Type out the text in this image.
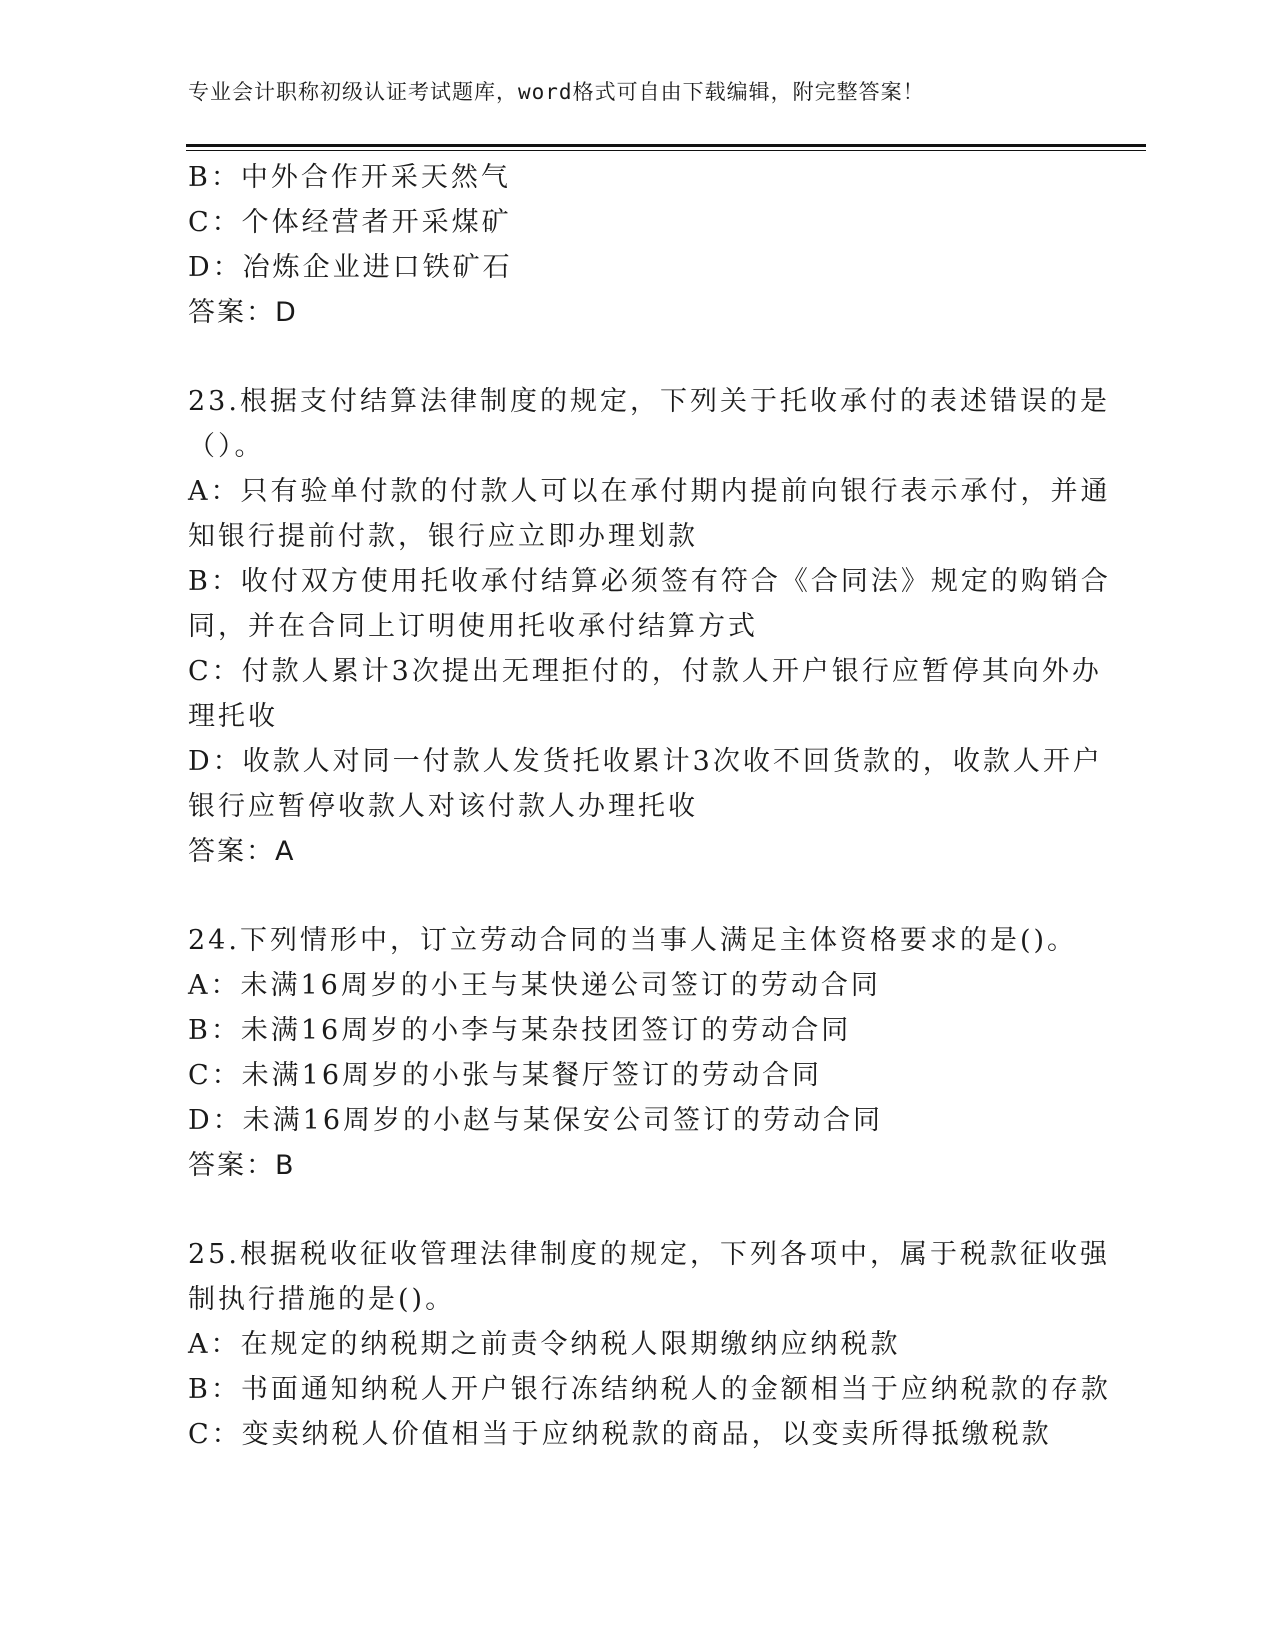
专业会计职称初级认证考试题库，word格式可自由下载编辑，附完整答案！
B：中外合作开采天然气
C：个体经营者开采煤矿
D：冶炼企业进口铁矿石
答案：D
23.根据支付结算法律制度的规定，下列关于托收承付的表述错误的是
（）。
A：只有验单付款的付款人可以在承付期内提前向银行表示承付，并通
知银行提前付款，银行应立即办理划款
B：收付双方使用托收承付结算必须签有符合《合同法》规定的购销合
同，并在合同上订明使用托收承付结算方式
C：付款人累计3次提出无理拒付的，付款人开户银行应暂停其向外办
理托收
D：收款人对同一付款人发货托收累计3次收不回货款的，收款人开户
银行应暂停收款人对该付款人办理托收
答案：A
24.下列情形中，订立劳动合同的当事人满足主体资格要求的是()。
A：未满16周岁的小王与某快递公司签订的劳动合同
B：未满16周岁的小李与某杂技团签订的劳动合同
C：未满16周岁的小张与某餐厅签订的劳动合同
D：未满16周岁的小赵与某保安公司签订的劳动合同
答案：B
25.根据税收征收管理法律制度的规定，下列各项中，属于税款征收强
制执行措施的是()。
A：在规定的纳税期之前责令纳税人限期缴纳应纳税款
B：书面通知纳税人开户银行冻结纳税人的金额相当于应纳税款的存款
C：变卖纳税人价值相当于应纳税款的商品，以变卖所得抵缴税款
